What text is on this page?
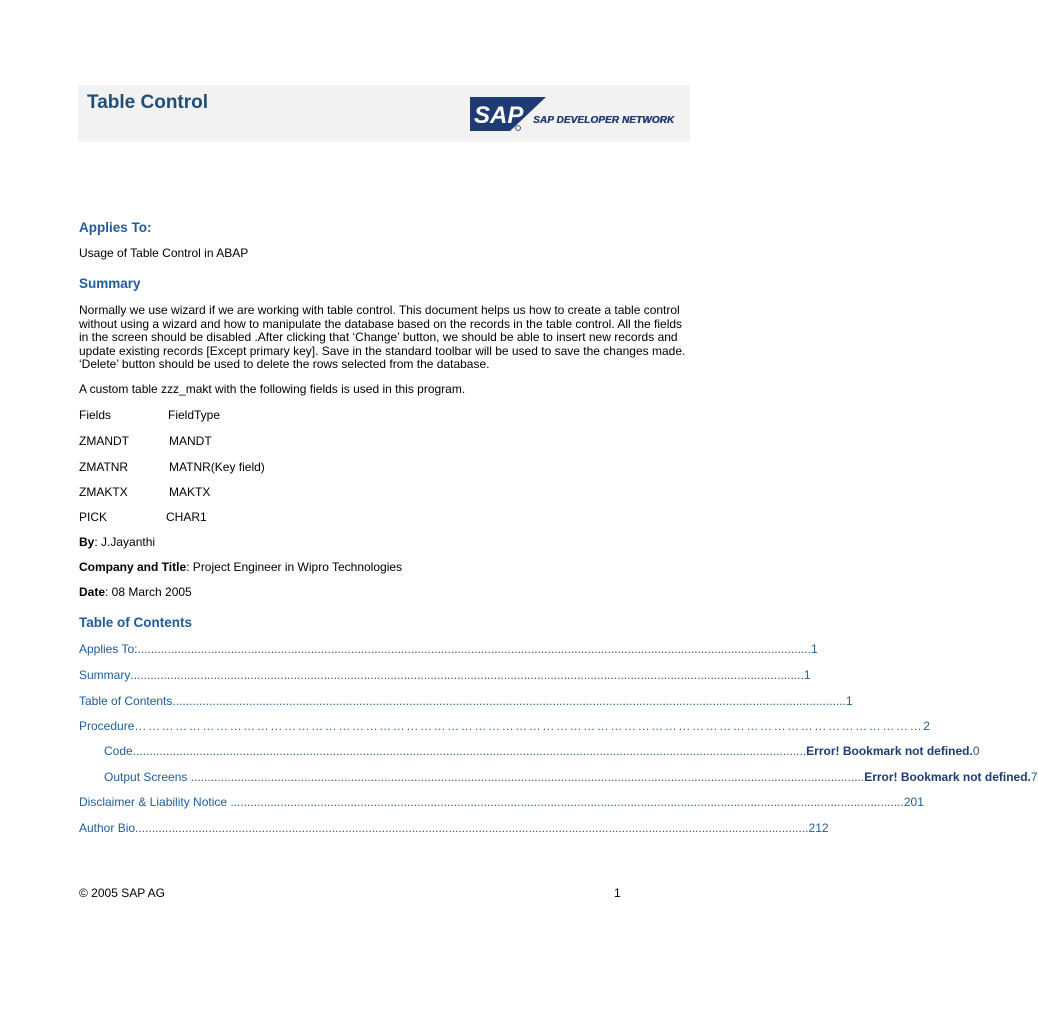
Table Control	SAP SAP DEVELOPER NETWORK
Applies To:
Usage of Table Control in ABAP
Summary
Normally we use wizard if we are working with table control. This document helps us how to create a table control without using a wizard and how to manipulate the database based on the records in the table control. All the fields in the screen should be disabled .After clicking that ‘Change’ button, we should be able to insert new records and update existing records [Except primary key]. Save in the standard toolbar will be used to save the changes made. ‘Delete’ button should be used to delete the rows selected from the database.
A custom table zzz_makt with the following fields is used in this program.
Fields	FieldType
ZMANDT	MANDT
ZMATNR	MATNR(Key field)
ZMAKTX	MAKTX
PICK	CHAR1
By: J.Jayanthi
Company and Title: Project Engineer in Wipro Technologies
Date: 08 March 2005
Table of Contents
Applies To: .......................................................................................................................................................................................................... 1
Summary .......................................................................................................................................................................................................... 1
Table of Contents .......................................................................................................................................................................................................... 1
Procedure ………………………………………………………………………………………………………………………………………………………… 2
Code .......................................................................................................................................................................................................... Error! Bookmark not defined. 0
Output Screens .......................................................................................................................................................................................................... Error! Bookmark not defined. 7
Disclaimer & Liability Notice .......................................................................................................................................................................................................... 201
Author Bio .......................................................................................................................................................................................................... 212
© 2005 SAP AG	1
